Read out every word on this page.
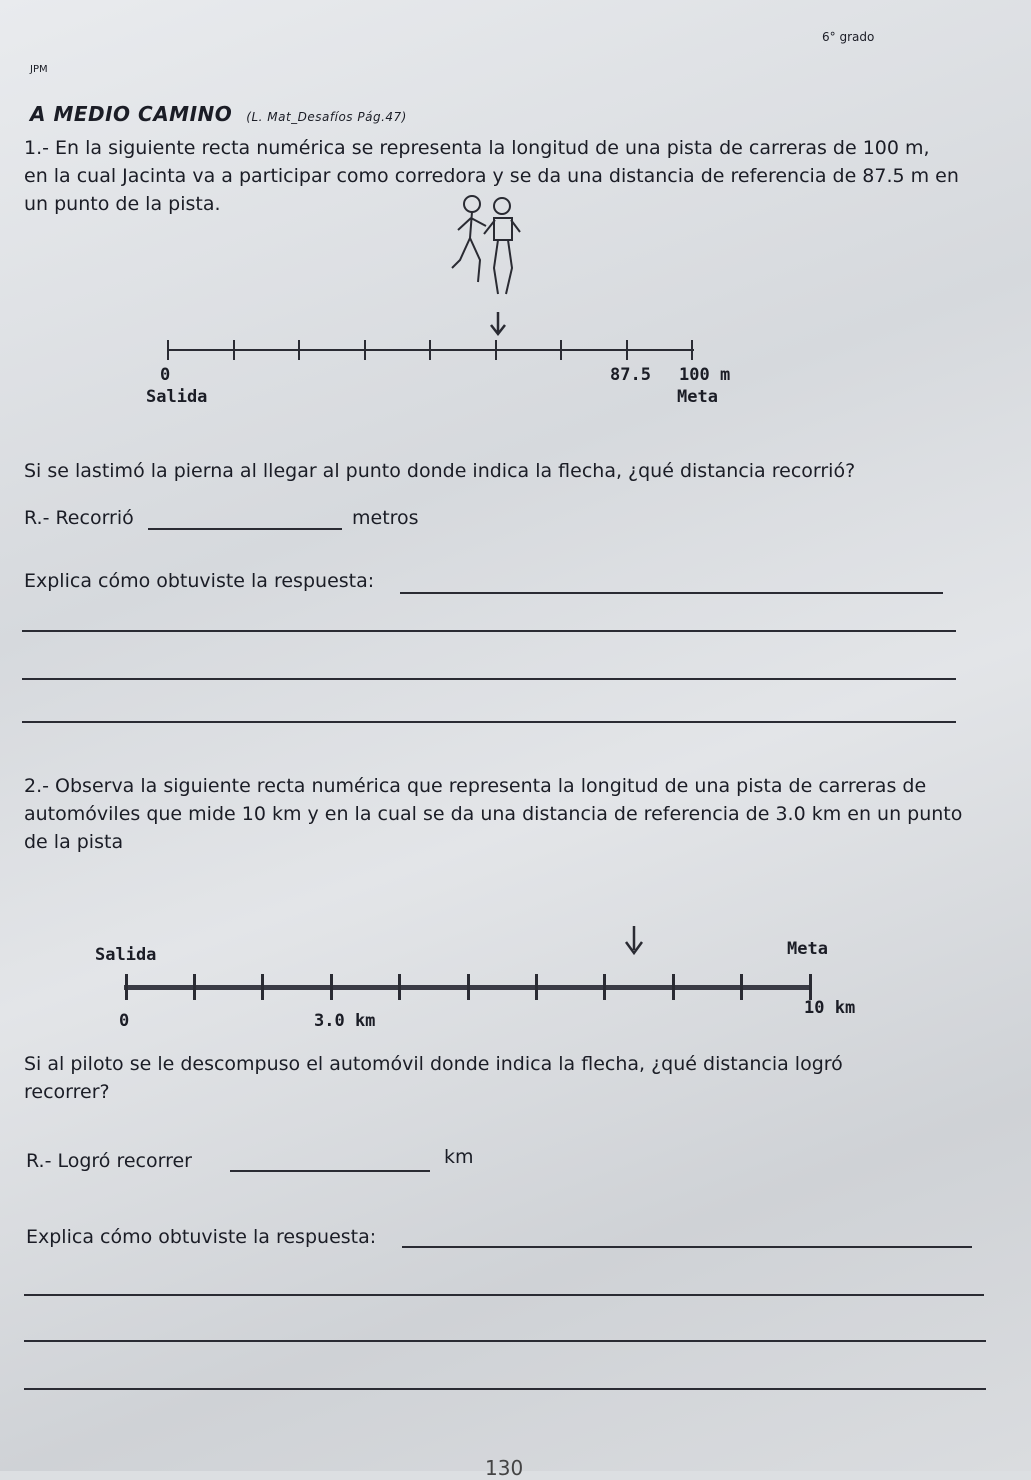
6° grado
JPM
A MEDIO CAMINO (L. Mat_Desafíos Pág.47)
1.- En la siguiente recta numérica se representa la longitud de una pista de carreras de 100 m, en la cual Jacinta va a participar como corredora y se da una distancia de referencia de 87.5 m en un punto de la pista.
0	87.5 100 m
Salida	Meta
Si se lastimó la pierna al llegar al punto donde indica la flecha, ¿qué distancia recorrió?
R.- Recorrió	metros
Explica cómo obtuviste la respuesta:
2.- Observa la siguiente recta numérica que representa la longitud de una pista de carreras de automóviles que mide 10 km y en la cual se da una distancia de referencia de 3.0 km en un punto de la pista
Salida	Meta
0	3.0 km
10 km
Si al piloto se le descompuso el automóvil donde indica la flecha, ¿qué distancia logró recorrer?
R.- Logró recorrer	km
Explica cómo obtuviste la respuesta:
130
